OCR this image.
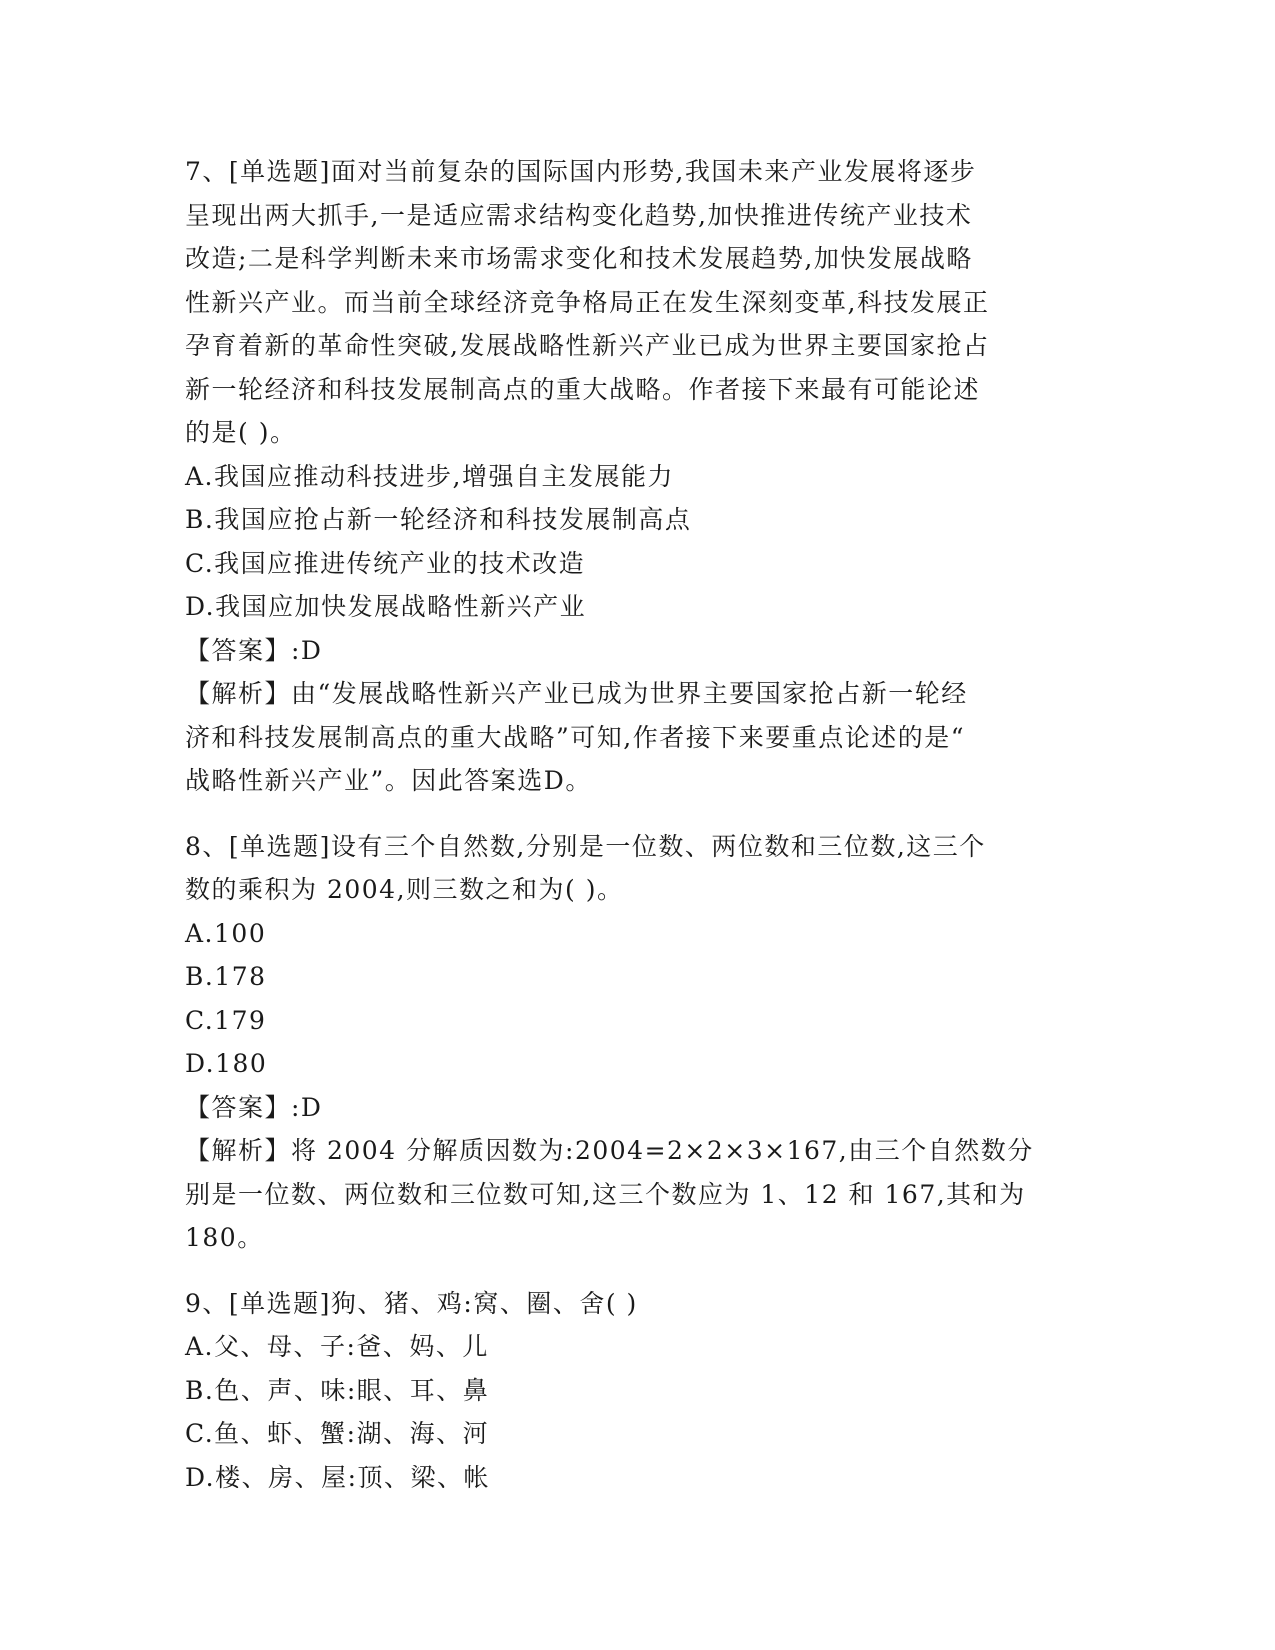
7、[单选题]面对当前复杂的国际国内形势,我国未来产业发展将逐步

呈现出两大抓手,一是适应需求结构变化趋势,加快推进传统产业技术

改造;二是科学判断未来市场需求变化和技术发展趋势,加快发展战略

性新兴产业。而当前全球经济竞争格局正在发生深刻变革,科技发展正

孕育着新的革命性突破,发展战略性新兴产业已成为世界主要国家抢占

新一轮经济和科技发展制高点的重大战略。作者接下来最有可能论述

的是( )。

A.我国应推动科技进步,增强自主发展能力

B.我国应抢占新一轮经济和科技发展制高点

C.我国应推进传统产业的技术改造

D.我国应加快发展战略性新兴产业

【答案】:D

【解析】由“发展战略性新兴产业已成为世界主要国家抢占新一轮经

济和科技发展制高点的重大战略”可知,作者接下来要重点论述的是“

战略性新兴产业”。因此答案选D。

8、[单选题]设有三个自然数,分别是一位数、两位数和三位数,这三个

数的乘积为 2004,则三数之和为( )。

A.100

B.178

C.179

D.180

【答案】:D

【解析】将 2004 分解质因数为:2004=2×2×3×167,由三个自然数分

别是一位数、两位数和三位数可知,这三个数应为 1、12 和 167,其和为

180。

9、[单选题]狗、猪、鸡:窝、圈、舍( )

A.父、母、子:爸、妈、儿

B.色、声、味:眼、耳、鼻

C.鱼、虾、蟹:湖、海、河

D.楼、房、屋:顶、梁、帐
